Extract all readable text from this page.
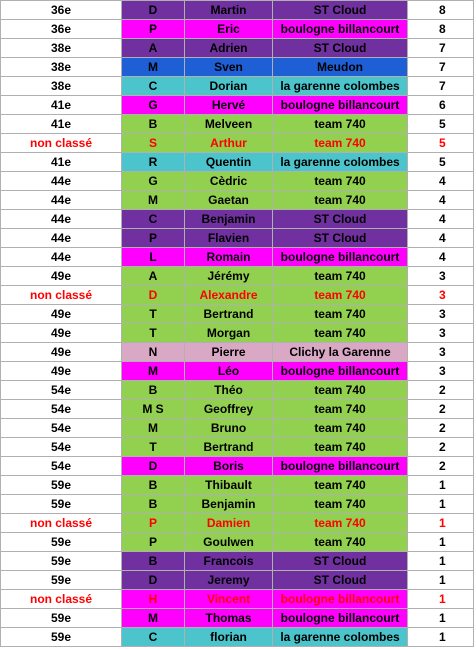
36e	D	Martin	ST Cloud	8
36e	P	Eric	boulogne billancourt	8
38e	A	Adrien	ST Cloud	7
38e	M	Sven	Meudon	7
38e	C	Dorian	la garenne colombes	7
41e	G	Hervé	boulogne billancourt	6
41e	B	Melveen	team 740	5
non classé	S	Arthur	team 740	5
41e	R	Quentin	la garenne colombes	5
44e	G	Cèdric	team 740	4
44e	M	Gaetan	team 740	4
44e	C	Benjamin	ST Cloud	4
44e	P	Flavien	ST Cloud	4
44e	L	Romain	boulogne billancourt	4
49e	A	Jérémy	team 740	3
non classé	D	Alexandre	team 740	3
49e	T	Bertrand	team 740	3
49e	T	Morgan	team 740	3
49e	N	Pierre	Clichy la Garenne	3
49e	M	Léo	boulogne billancourt	3
54e	B	Théo	team 740	2
54e	M S	Geoffrey	team 740	2
54e	M	Bruno	team 740	2
54e	T	Bertrand	team 740	2
54e	D	Boris	boulogne billancourt	2
59e	B	Thibault	team 740	1
59e	B	Benjamin	team 740	1
non classé	P	Damien	team 740	1
59e	P	Goulwen	team 740	1
59e	B	Francois	ST Cloud	1
59e	D	Jeremy	ST Cloud	1
non classé	H	Vincent	boulogne billancourt	1
59e	M	Thomas	boulogne billancourt	1
59e	C	florian	la garenne colombes	1
